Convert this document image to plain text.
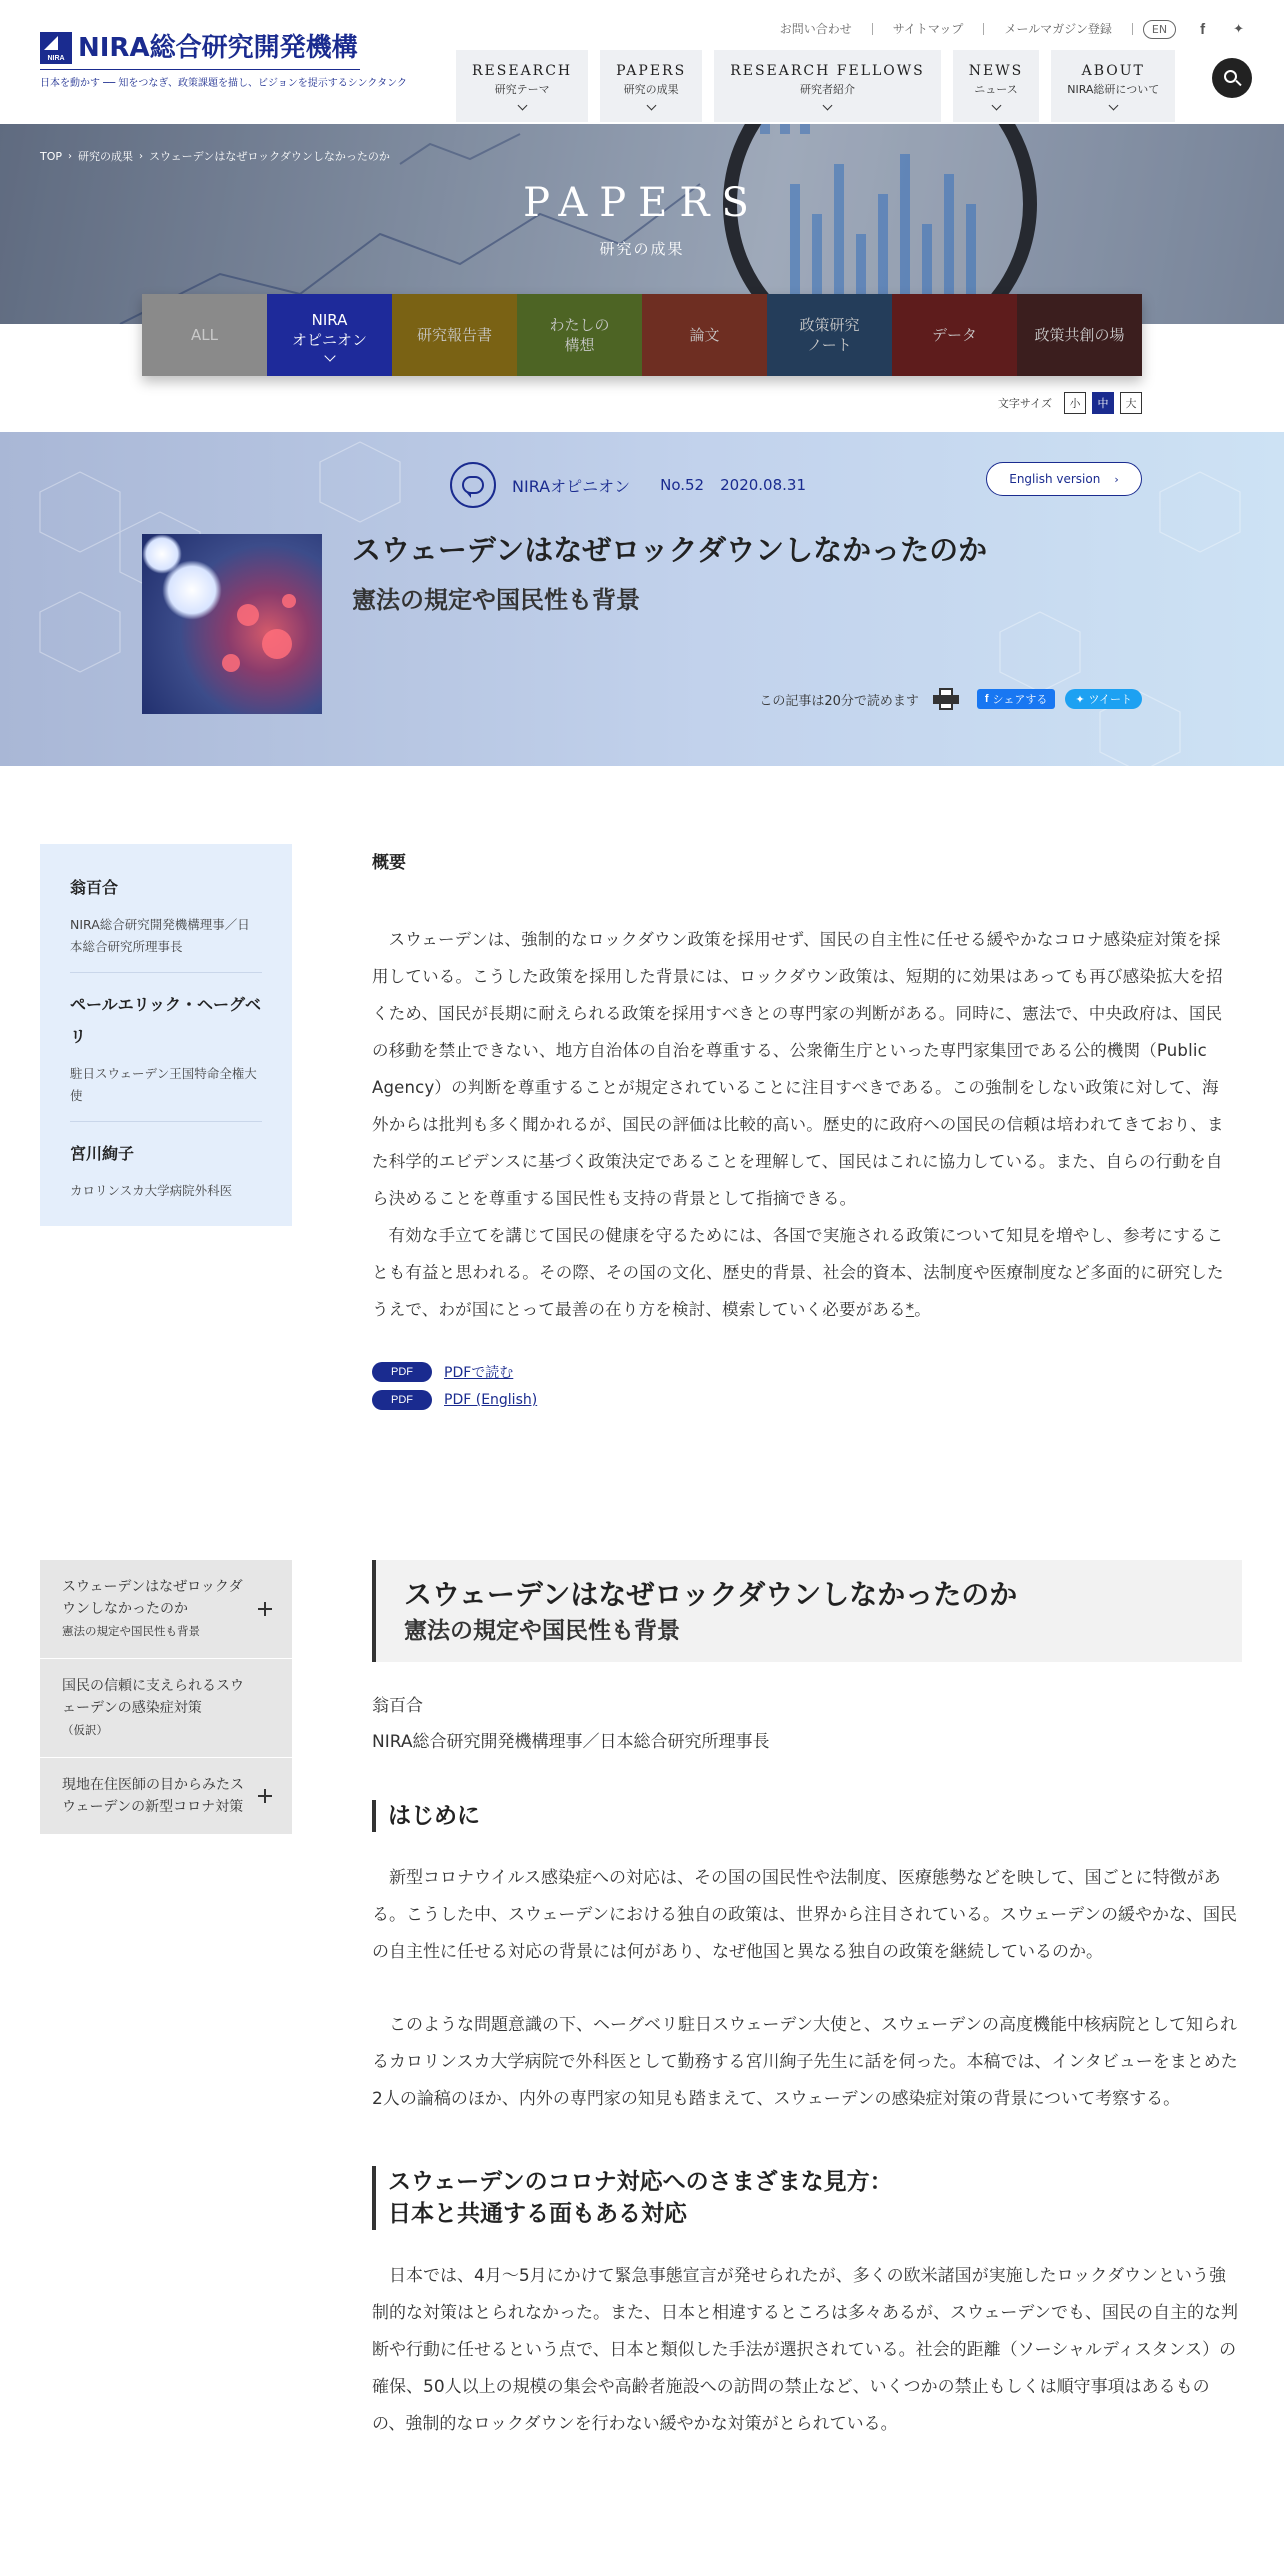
NIRA NIRA総合研究開発機構
日本を動かす ── 知をつなぎ、政策課題を描し、ビジョンを提示するシンクタンク
お問い合わせ	サイトマップ	メールマガジン登録	EN	f ✦
RESEARCH
研究テーマ
PAPERS
研究の成果
RESEARCH FELLOWS
研究者紹介
NEWS
ニュース
ABOUT
NIRA総研について
TOP › 研究の成果 › スウェーデンはなぜロックダウンしなかったのか
PAPERS
研究の成果
ALL
NIRA
オピニオン	研究報告書
わたしの
構想
論文
政策研究
ノート
データ	政策共創の場
文字サイズ	小	中	大
NIRAオピニオン No.52 2020.08.31	English version ›
スウェーデンはなぜロックダウンしなかったのか
憲法の規定や国民性も背景
この記事は20分で読めます	f シェアする	✦ ツイート
翁百合
NIRA総合研究開発機構理事／日本総合研究所理事長
ペールエリック・ヘーグベリ
駐日スウェーデン王国特命全権大使
宮川絢子
カロリンスカ大学病院外科医
概要

スウェーデンは、強制的なロックダウン政策を採用せず、国民の自主性に任せる緩やかなコロナ感染症対策を採用している。こうした政策を採用した背景には、ロックダウン政策は、短期的に効果はあっても再び感染拡大を招くため、国民が長期に耐えられる政策を採用すべきとの専門家の判断がある。同時に、憲法で、中央政府は、国民の移動を禁止できない、地方自治体の自治を尊重する、公衆衛生庁といった専門家集団である公的機関（Public Agency）の判断を尊重することが規定されていることに注目すべきである。この強制をしない政策に対して、海外からは批判も多く聞かれるが、国民の評価は比較的高い。歴史的に政府への国民の信頼は培われてきており、また科学的エビデンスに基づく政策決定であることを理解して、国民はこれに協力している。また、自らの行動を自ら決めることを尊重する国民性も支持の背景として指摘できる。

有効な手立てを講じて国民の健康を守るためには、各国で実施される政策について知見を増やし、参考にすることも有益と思われる。その際、その国の文化、歴史的背景、社会的資本、法制度や医療制度など多面的に研究したうえで、わが国にとって最善の在り方を検討、模索していく必要がある*。

PDF	PDFで読む
PDF	PDF (English)
スウェーデンはなぜロックダウンしなかったのか
憲法の規定や国民性も背景
国民の信頼に支えられるスウェーデンの感染症対策 （仮訳）
現地在住医師の目からみたスウェーデンの新型コロナ対策
スウェーデンはなぜロックダウンしなかったのか
憲法の規定や国民性も背景
翁百合
NIRA総合研究開発機構理事／日本総合研究所理事長
はじめに

新型コロナウイルス感染症への対応は、その国の国民性や法制度、医療態勢などを映して、国ごとに特徴がある。こうした中、スウェーデンにおける独自の政策は、世界から注目されている。スウェーデンの緩やかな、国民の自主性に任せる対応の背景には何があり、なぜ他国と異なる独自の政策を継続しているのか。

このような問題意識の下、ヘーグベリ駐日スウェーデン大使と、スウェーデンの高度機能中核病院として知られるカロリンスカ大学病院で外科医として勤務する宮川絢子先生に話を伺った。本稿では、インタビューをまとめた2人の論稿のほか、内外の専門家の知見も踏まえて、スウェーデンの感染症対策の背景について考察する。

スウェーデンのコロナ対応へのさまざまな見方：
日本と共通する面もある対応

日本では、4月～5月にかけて緊急事態宣言が発せられたが、多くの欧米諸国が実施したロックダウンという強制的な対策はとられなかった。また、日本と相違するところは多々あるが、スウェーデンでも、国民の自主的な判断や行動に任せるという点で、日本と類似した手法が選択されている。社会的距離（ソーシャルディスタンス）の確保、50人以上の規模の集会や高齢者施設への訪問の禁止など、いくつかの禁止もしくは順守事項はあるものの、強制的なロックダウンを行わない緩やかな対策がとられている。
